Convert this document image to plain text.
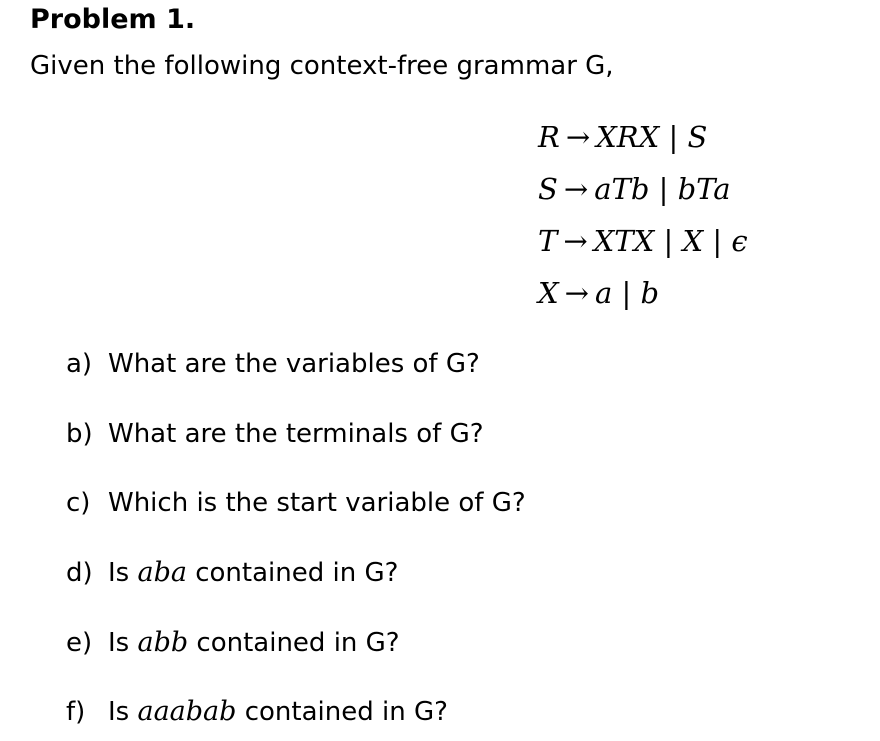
Problem 1.
Given the following context-free grammar G,
R → XRX | S
S → aTb | bTa
T → XTX | X | ϵ
X → a | b
a) What are the variables of G?
b) What are the terminals of G?
c) Which is the start variable of G?
d) Is aba contained in G?
e) Is abb contained in G?
f) Is aaabab contained in G?
